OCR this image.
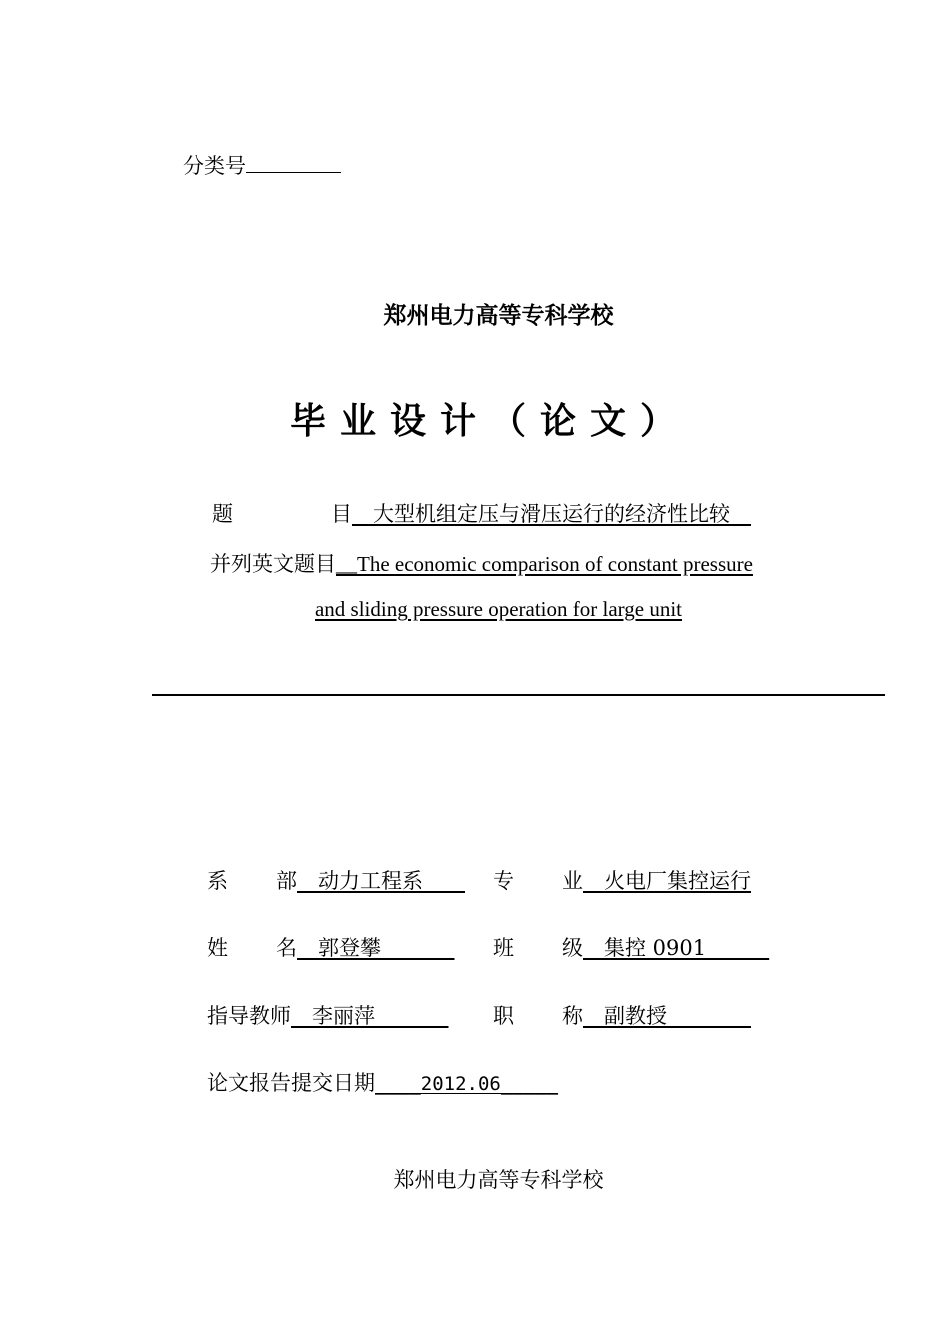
分类号
郑州电力高等专科学校
毕业设计（论文）
题	目__大型机组定压与滑压运行的经济性比较__
并列英文题目__The economic comparison of constant pressure
and sliding pressure operation for large unit
系 部__动力工程系____ 专 业__火电厂集控运行
姓 名__郭登攀_______ 班 级__集控 0901______
指导教师__李丽萍_______ 职 称__副教授________
论文报告提交日期____2012.06_____
郑州电力高等专科学校
